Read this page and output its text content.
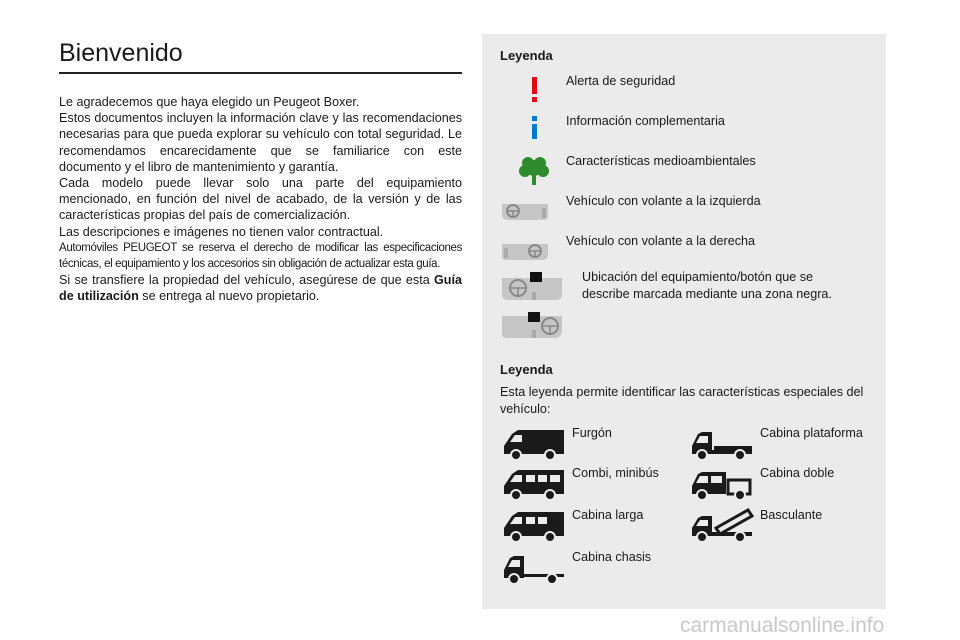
Bienvenido

Le agradecemos que haya elegido un Peugeot Boxer.

Estos documentos incluyen la información clave y las recomendaciones necesarias para que pueda explorar su vehículo con total seguridad. Le recomendamos encarecidamente que se familiarice con este documento y el libro de mantenimiento y garantía.

Cada modelo puede llevar solo una parte del equipamiento mencionado, en función del nivel de acabado, de la versión y de las características propias del país de comercialización.

Las descripciones e imágenes no tienen valor contractual.

Automóviles PEUGEOT se reserva el derecho de modificar las especificaciones técnicas, el equipamiento y los accesorios sin obligación de actualizar esta guía.

Si se transfiere la propiedad del vehículo, asegúrese de que esta Guía de utilización se entrega al nuevo propietario.

Leyenda
Alerta de seguridad
Información complementaria
Características medioambientales
Vehículo con volante a la izquierda
Vehículo con volante a la derecha
Ubicación del equipamiento/botón que se describe marcada mediante una zona negra.
Leyenda
Esta leyenda permite identificar las características especiales del vehículo:
Furgón	Cabina plataforma
Combi, minibús	Cabina doble
Cabina larga	Basculante
Cabina chasis
carmanualsonline.info
